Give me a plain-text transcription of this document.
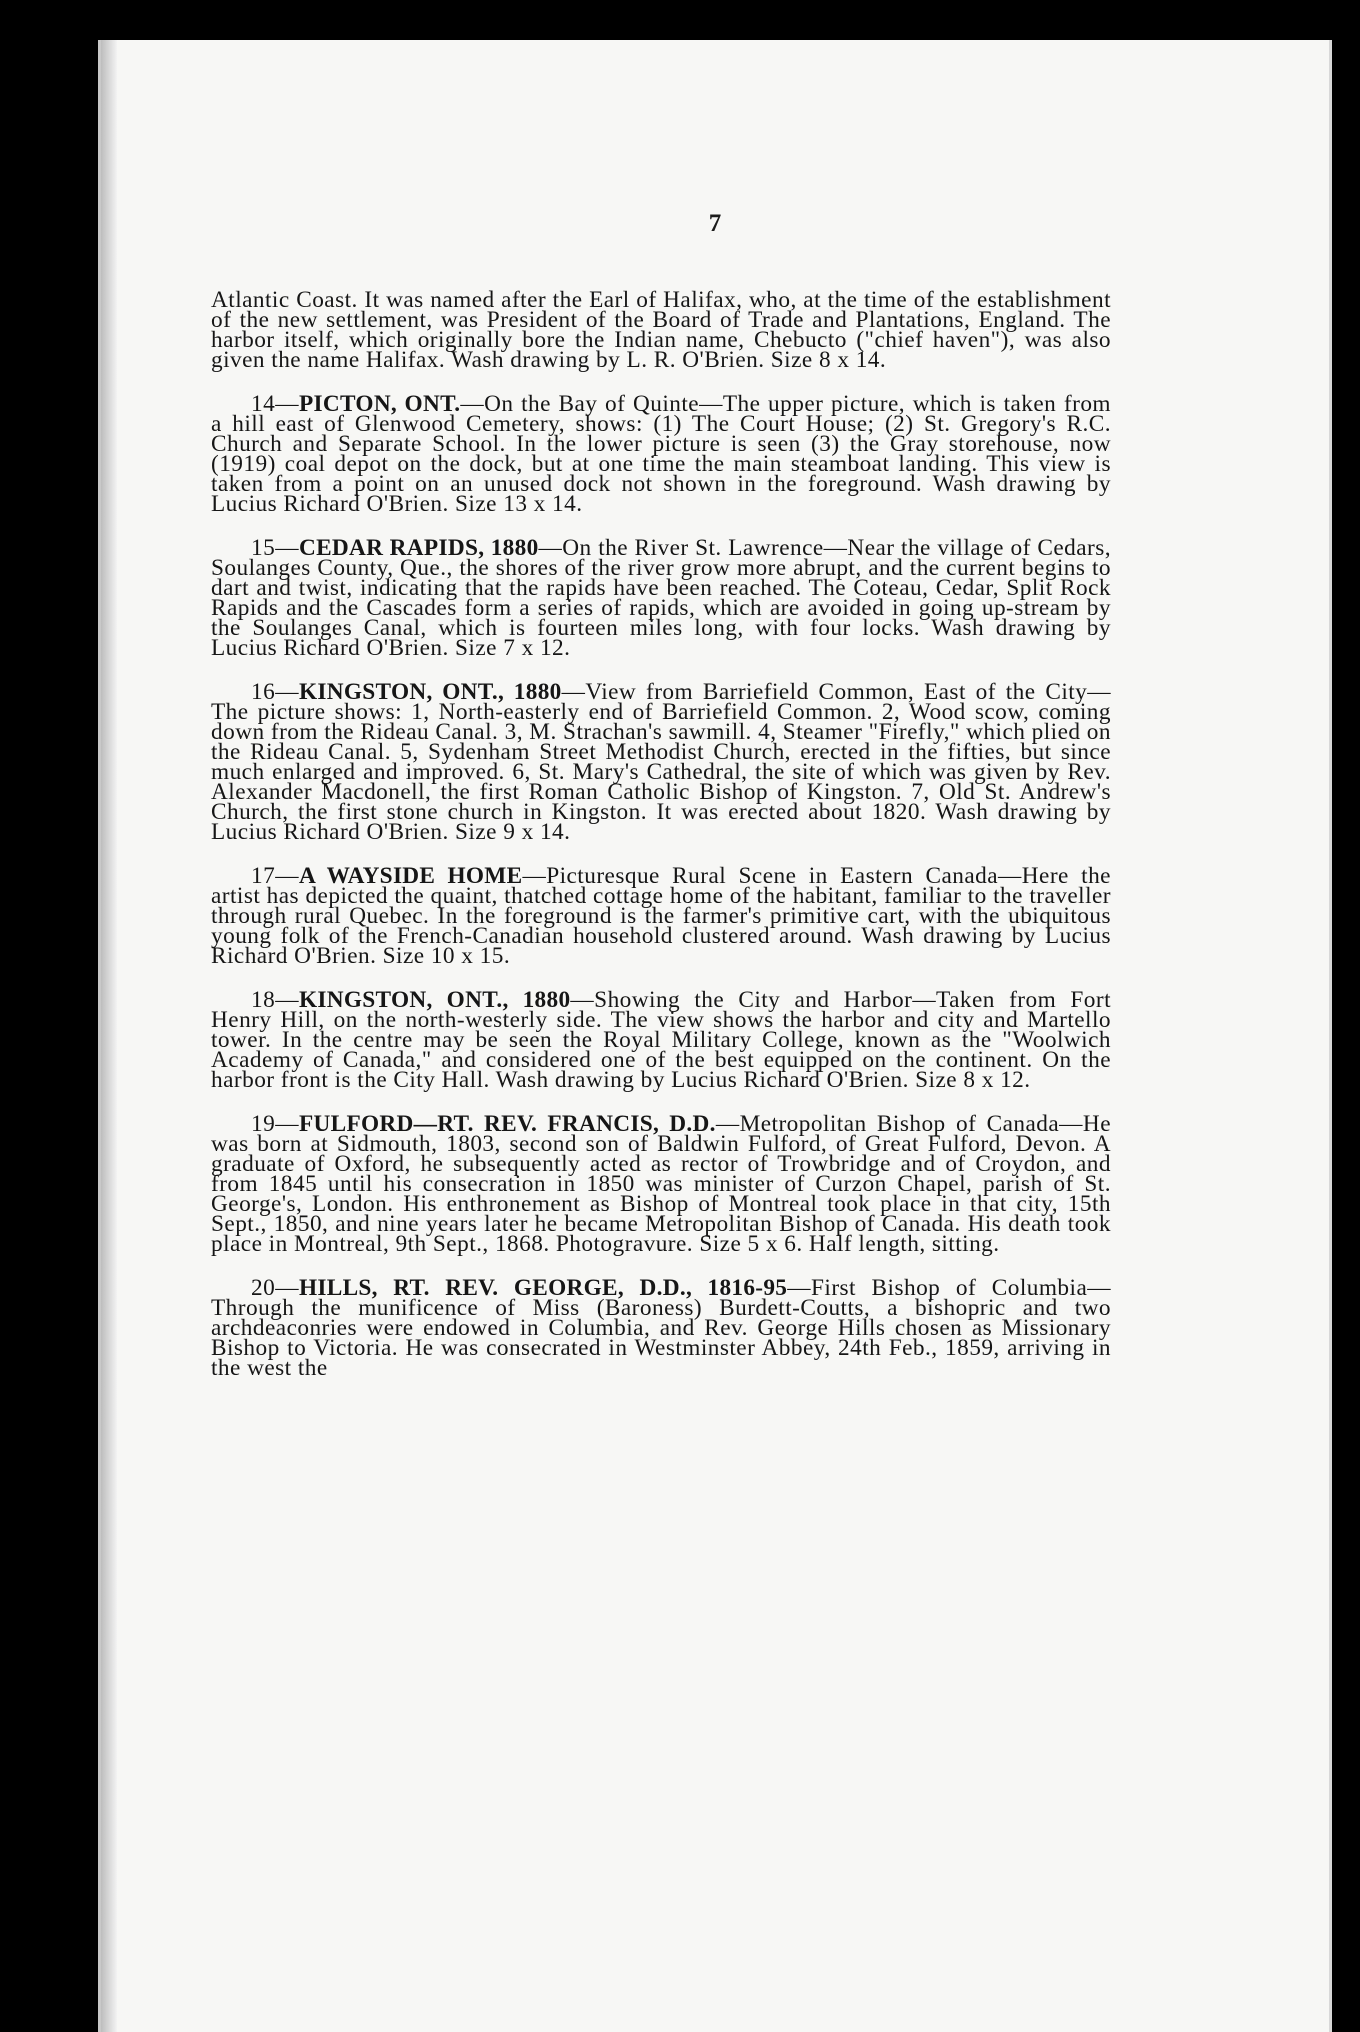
7

Atlantic Coast. It was named after the Earl of Halifax, who, at the time of the establishment of the new settlement, was President of the Board of Trade and Plantations, England. The harbor itself, which originally bore the Indian name, Chebucto ("chief haven"), was also given the name Halifax. Wash drawing by L. R. O'Brien. Size 8 x 14.

14—PICTON, ONT.—On the Bay of Quinte—The upper picture, which is taken from a hill east of Glenwood Cemetery, shows: (1) The Court House; (2) St. Gregory's R.C. Church and Separate School. In the lower picture is seen (3) the Gray storehouse, now (1919) coal depot on the dock, but at one time the main steamboat landing. This view is taken from a point on an unused dock not shown in the foreground. Wash drawing by Lucius Richard O'Brien. Size 13 x 14.

15—CEDAR RAPIDS, 1880—On the River St. Lawrence—Near the village of Cedars, Soulanges County, Que., the shores of the river grow more abrupt, and the current begins to dart and twist, indicating that the rapids have been reached. The Coteau, Cedar, Split Rock Rapids and the Cascades form a series of rapids, which are avoided in going up-stream by the Soulanges Canal, which is fourteen miles long, with four locks. Wash drawing by Lucius Richard O'Brien. Size 7 x 12.

16—KINGSTON, ONT., 1880—View from Barriefield Common, East of the City—The picture shows: 1, North-easterly end of Barriefield Common. 2, Wood scow, coming down from the Rideau Canal. 3, M. Strachan's sawmill. 4, Steamer "Firefly," which plied on the Rideau Canal. 5, Sydenham Street Methodist Church, erected in the fifties, but since much enlarged and improved. 6, St. Mary's Cathedral, the site of which was given by Rev. Alexander Macdonell, the first Roman Catholic Bishop of Kingston. 7, Old St. Andrew's Church, the first stone church in Kingston. It was erected about 1820. Wash drawing by Lucius Richard O'Brien. Size 9 x 14.

17—A WAYSIDE HOME—Picturesque Rural Scene in Eastern Canada—Here the artist has depicted the quaint, thatched cottage home of the habitant, familiar to the traveller through rural Quebec. In the foreground is the farmer's primitive cart, with the ubiquitous young folk of the French-Canadian household clustered around. Wash drawing by Lucius Richard O'Brien. Size 10 x 15.

18—KINGSTON, ONT., 1880—Showing the City and Harbor—Taken from Fort Henry Hill, on the north-westerly side. The view shows the harbor and city and Martello tower. In the centre may be seen the Royal Military College, known as the "Woolwich Academy of Canada," and considered one of the best equipped on the continent. On the harbor front is the City Hall. Wash drawing by Lucius Richard O'Brien. Size 8 x 12.

19—FULFORD—RT. REV. FRANCIS, D.D.—Metropolitan Bishop of Canada—He was born at Sidmouth, 1803, second son of Baldwin Fulford, of Great Fulford, Devon. A graduate of Oxford, he subsequently acted as rector of Trowbridge and of Croydon, and from 1845 until his consecration in 1850 was minister of Curzon Chapel, parish of St. George's, London. His enthronement as Bishop of Montreal took place in that city, 15th Sept., 1850, and nine years later he became Metropolitan Bishop of Canada. His death took place in Montreal, 9th Sept., 1868. Photogravure. Size 5 x 6. Half length, sitting.

20—HILLS, RT. REV. GEORGE, D.D., 1816-95—First Bishop of Columbia—Through the munificence of Miss (Baroness) Burdett-Coutts, a bishopric and two archdeaconries were endowed in Columbia, and Rev. George Hills chosen as Missionary Bishop to Victoria. He was consecrated in Westminster Abbey, 24th Feb., 1859, arriving in the west the
